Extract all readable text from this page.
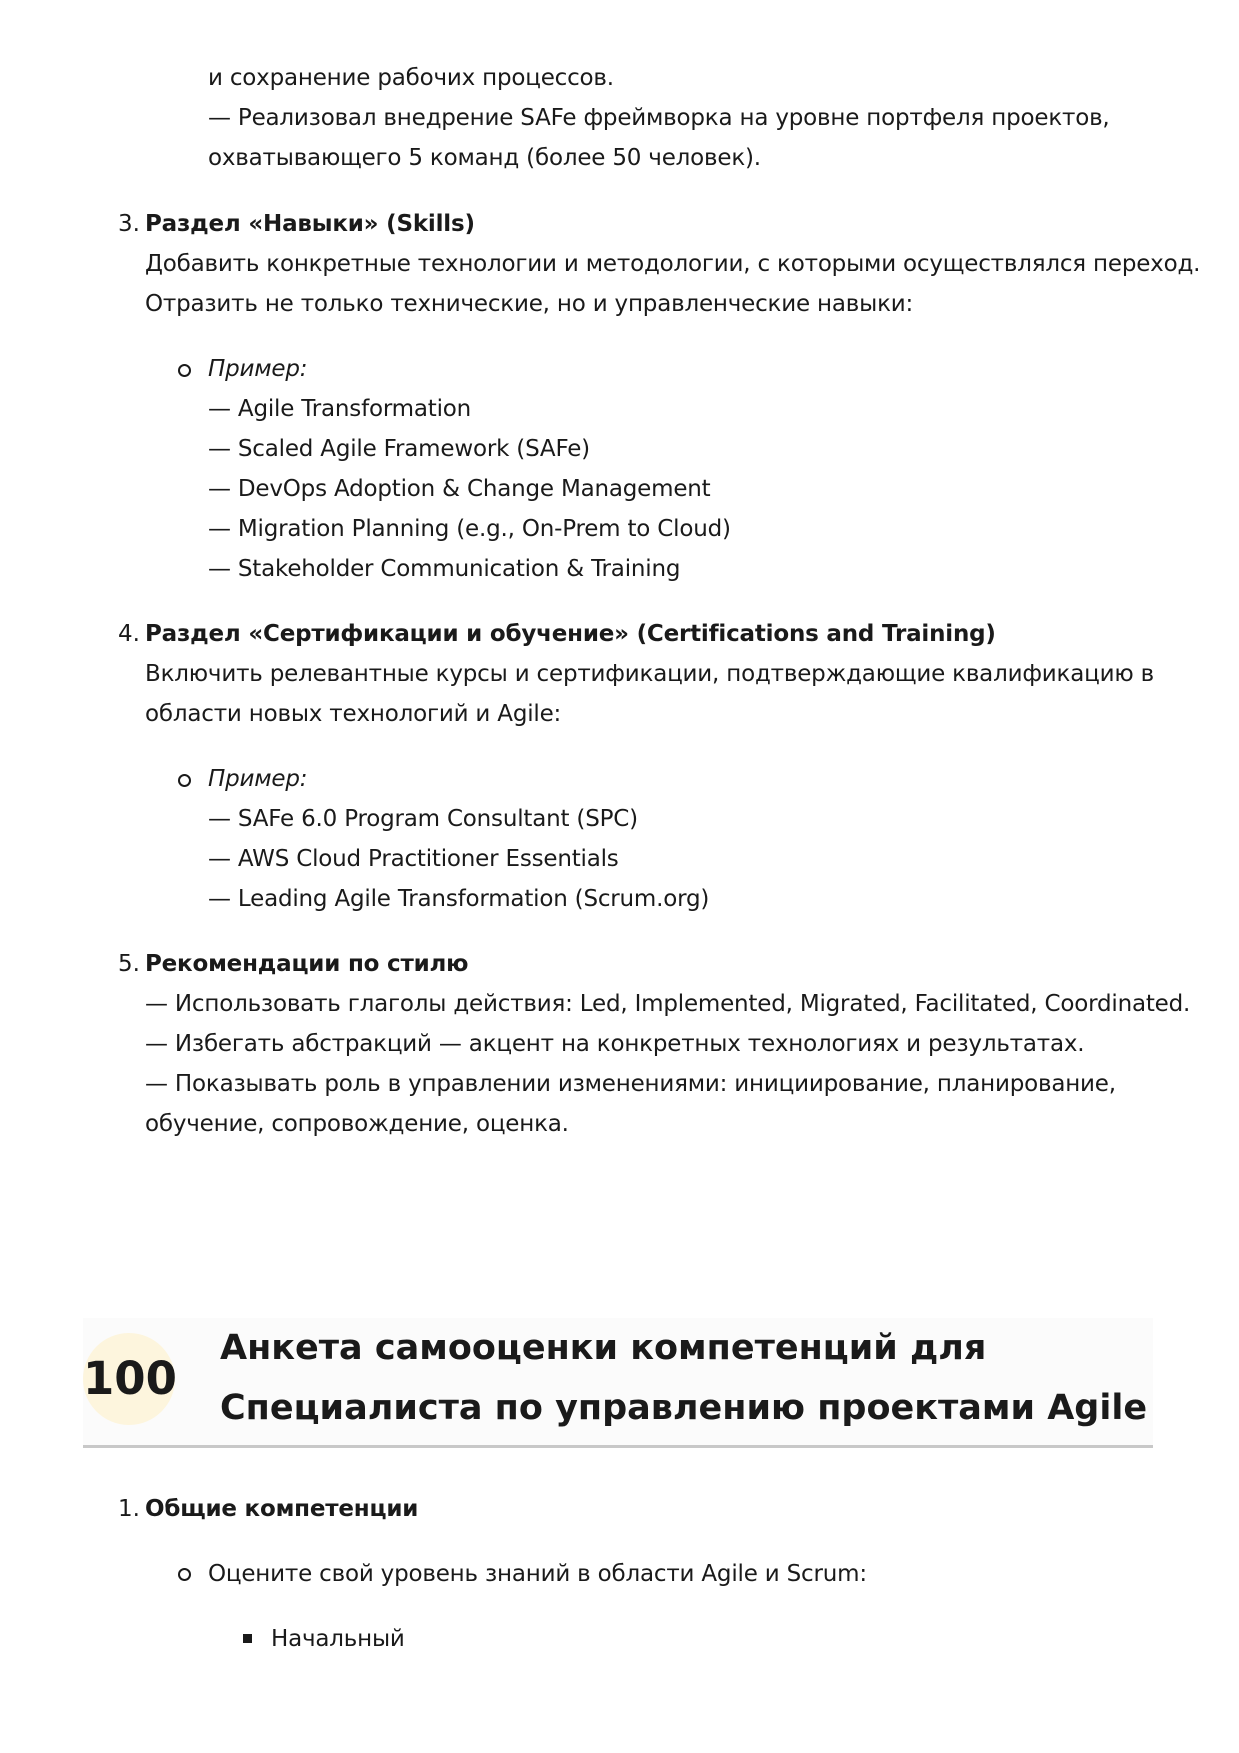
и сохранение рабочих процессов.
— Реализовал внедрение SAFe фреймворка на уровне портфеля проектов,
охватывающего 5 команд (более 50 человек).
3. Раздел «Навыки» (Skills)
Добавить конкретные технологии и методологии, с которыми осуществлялся переход.
Отразить не только технические, но и управленческие навыки:
Пример:
— Agile Transformation
— Scaled Agile Framework (SAFe)
— DevOps Adoption & Change Management
— Migration Planning (e.g., On-Prem to Cloud)
— Stakeholder Communication & Training
4. Раздел «Сертификации и обучение» (Certifications and Training)
Включить релевантные курсы и сертификации, подтверждающие квалификацию в
области новых технологий и Agile:
Пример:
— SAFe 6.0 Program Consultant (SPC)
— AWS Cloud Practitioner Essentials
— Leading Agile Transformation (Scrum.org)
5. Рекомендации по стилю
— Использовать глаголы действия: Led, Implemented, Migrated, Facilitated, Coordinated.
— Избегать абстракций — акцент на конкретных технологиях и результатах.
— Показывать роль в управлении изменениями: инициирование, планирование,
обучение, сопровождение, оценка.
100
Анкета самооценки компетенций для
Специалиста по управлению проектами Agile
1. Общие компетенции
Оцените свой уровень знаний в области Agile и Scrum:
Начальный
